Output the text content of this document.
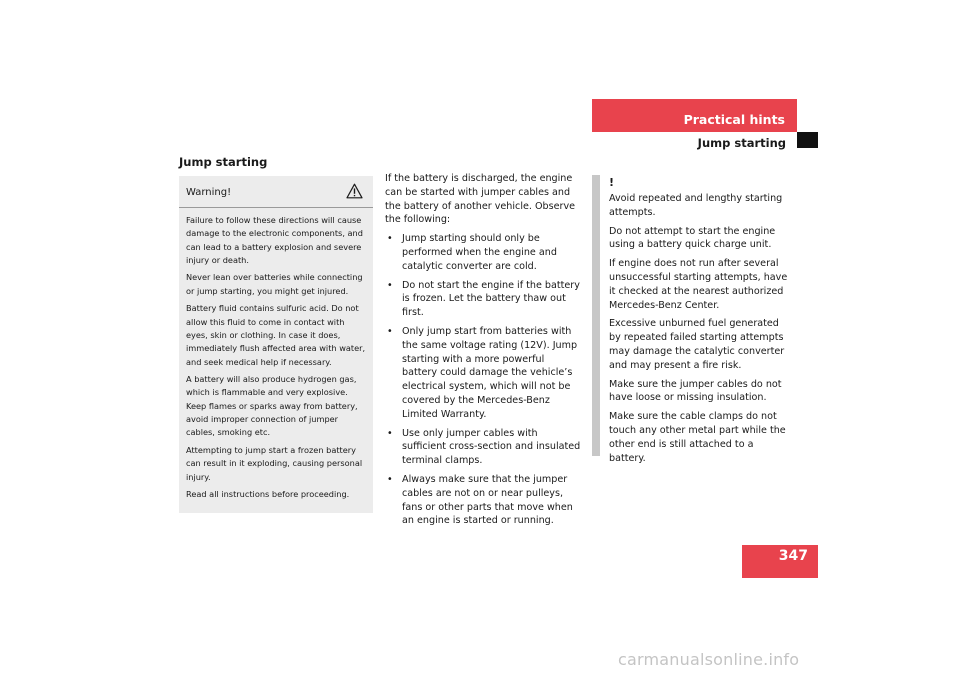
Practical hints
Jump starting
Jump starting
Warning!

Failure to follow these directions will cause damage to the electronic components, and can lead to a battery explosion and severe injury or death.

Never lean over batteries while connecting or jump starting, you might get injured.

Battery fluid contains sulfuric acid. Do not allow this fluid to come in contact with eyes, skin or clothing. In case it does, immediately flush affected area with water, and seek medical help if necessary.

A battery will also produce hydrogen gas, which is flammable and very explosive. Keep flames or sparks away from battery, avoid improper connection of jumper cables, smoking etc.

Attempting to jump start a frozen battery can result in it exploding, causing personal injury.

Read all instructions before proceeding.

If the battery is discharged, the engine can be started with jumper cables and the battery of another vehicle. Observe the following:

• Jump starting should only be performed when the engine and catalytic converter are cold.
• Do not start the engine if the battery is frozen. Let the battery thaw out first.
• Only jump start from batteries with the same voltage rating (12V). Jump starting with a more powerful battery could damage the vehicle’s electrical system, which will not be covered by the Mercedes-Benz Limited Warranty.
• Use only jumper cables with sufficient cross-section and insulated terminal clamps.
• Always make sure that the jumper cables are not on or near pulleys, fans or other parts that move when an engine is started or running.
!

Avoid repeated and lengthy starting attempts.

Do not attempt to start the engine using a battery quick charge unit.

If engine does not run after several unsuccessful starting attempts, have it checked at the nearest authorized Mercedes-Benz Center.

Excessive unburned fuel generated by repeated failed starting attempts may damage the catalytic converter and may present a fire risk.

Make sure the jumper cables do not have loose or missing insulation.

Make sure the cable clamps do not touch any other metal part while the other end is still attached to a battery.

347
carmanualsonline.info
